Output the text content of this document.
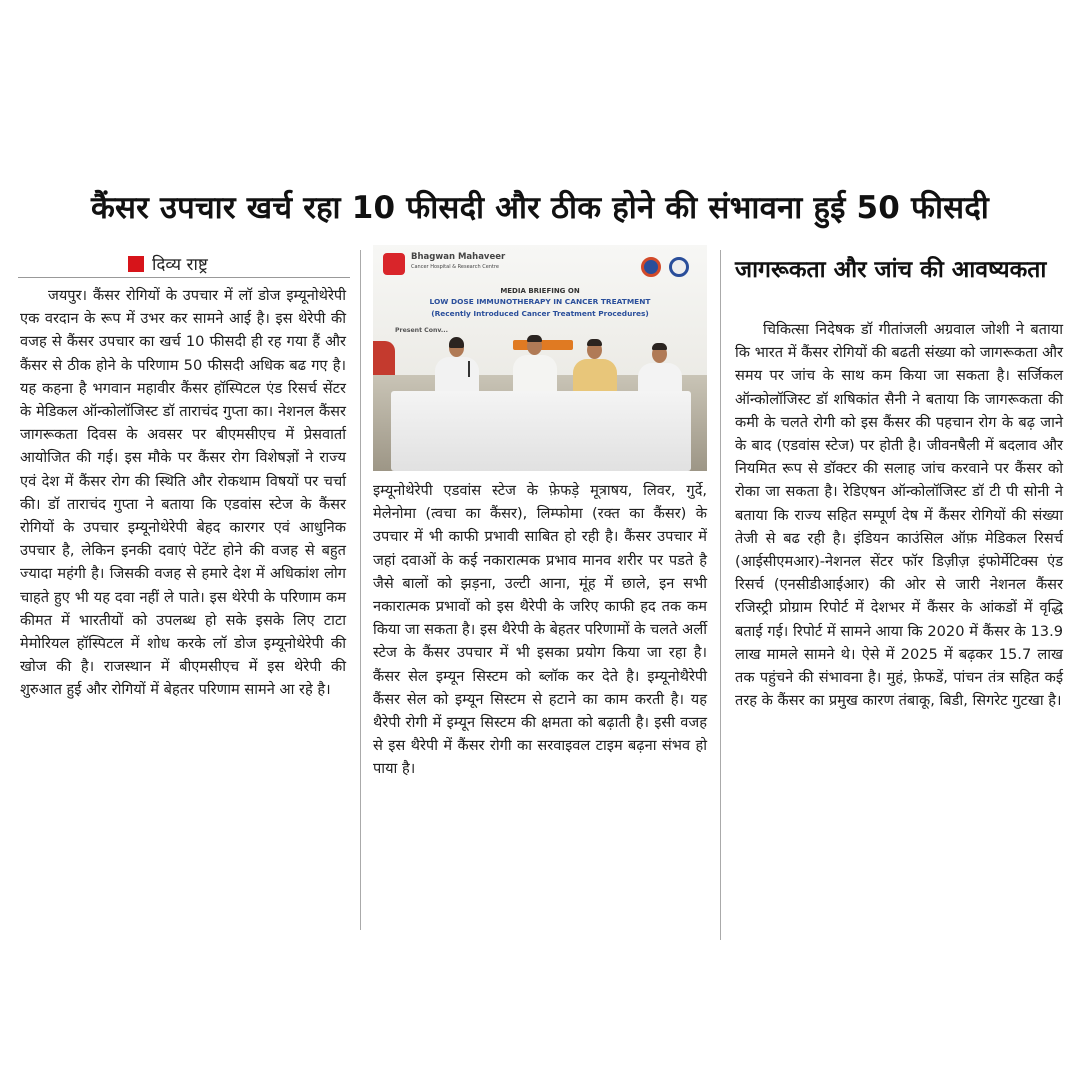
कैंसर उपचार खर्च रहा 10 फीसदी और ठीक होने की संभावना हुई 50 फीसदी
दिव्य राष्ट्र

जयपुर। कैंसर रोगियों के उपचार में लॉ डोज इम्यूनोथेरेपी एक वरदान के रूप में उभर कर सामने आई है। इस थेरेपी की वजह से कैंसर उपचार का खर्च 10 फीसदी ही रह गया हैं और कैंसर से ठीक होने के परिणाम 50 फीसदी अधिक बढ गए है। यह कहना है भगवान महावीर कैंसर हॉस्पिटल एंड रिसर्च सेंटर के मेडिकल ऑन्कोलॉजिस्ट डॉ ताराचंद गुप्ता का। नेशनल कैंसर जागरूकता दिवस के अवसर पर बीएमसीएच में प्रेसवार्ता आयोजित की गई। इस मौके पर कैंसर रोग विशेषज्ञों ने राज्य एवं देश में कैंसर रोग की स्थिति और रोकथाम विषयों पर चर्चा की। डॉ ताराचंद गुप्ता ने बताया कि एडवांस स्टेज के कैंसर रोगियों के उपचार इम्यूनोथेरेपी बेहद कारगर एवं आधुनिक उपचार है, लेकिन इनकी दवाएं पेटेंट होने की वजह से बहुत ज्यादा महंगी है। जिसकी वजह से हमारे देश में अधिकांश लोग चाहते हुए भी यह दवा नहीं ले पाते। इस थेरेपी के परिणाम कम कीमत में भारतीयों को उपलब्ध हो सके इसके लिए टाटा मेमोरियल हॉस्पिटल में शोध करके लॉ डोज इम्यूनोथेरेपी की खोज की है। राजस्थान में बीएमसीएच में इस थेरेपी की शुरुआत हुई और रोगियों में बेहतर परिणाम सामने आ रहे है।

Bhagwan Mahaveer
Cancer Hospital & Research Centre
MEDIA BRIEFING ON
LOW DOSE IMMUNOTHERAPY IN CANCER TREATMENT
(Recently Introduced Cancer Treatment Procedures)
Present Conv...

इम्यूनोथेरेपी एडवांस स्टेज के फ़ेफड़े मूत्राषय, लिवर, गुर्दे, मेलेनोमा (त्वचा का कैंसर), लिम्फोमा (रक्त का कैंसर) के उपचार में भी काफी प्रभावी साबित हो रही है। कैंसर उपचार में जहां दवाओं के कई नकारात्मक प्रभाव मानव शरीर पर पडते है जैसे बालों को झड़ना, उल्टी आना, मूंह में छाले, इन सभी नकारात्मक प्रभावों को इस थैरेपी के जरिए काफी हद तक कम किया जा सकता है। इस थैरेपी के बेहतर परिणामों के चलते अर्ली स्टेज के कैंसर उपचार में भी इसका प्रयोग किया जा रहा है। कैंसर सेल इम्यून सिस्टम को ब्लॉक कर देते है। इम्यूनोथैरेपी कैंसर सेल को इम्यून सिस्टम से हटाने का काम करती है। यह थैरेपी रोगी में इम्यून सिस्टम की क्षमता को बढ़ाती है। इसी वजह से इस थैरेपी में कैंसर रोगी का सरवाइवल टाइम बढ़ना संभव हो पाया है।

जागरूकता और जांच की आवष्यकता

चिकित्सा निदेषक डॉ गीतांजली अग्रवाल जोशी ने बताया कि भारत में कैंसर रोगियों की बढती संख्या को जागरूकता और समय पर जांच के साथ कम किया जा सकता है। सर्जिकल ऑन्कोलॉजिस्ट डॉ शषिकांत सैनी ने बताया कि जागरूकता की कमी के चलते रोगी को इस कैंसर की पहचान रोग के बढ़ जाने के बाद (एडवांस स्टेज) पर होती है। जीवनषैली में बदलाव और नियमित रूप से डॉक्टर की सलाह जांच करवाने पर कैंसर को रोका जा सकता है। रेडिएषन ऑन्कोलॉजिस्ट डॉ टी पी सोनी ने बताया कि राज्य सहित सम्पूर्ण देष में कैंसर रोगियों की संख्या तेजी से बढ रही है। इंडियन काउंसिल ऑफ़ मेडिकल रिसर्च (आईसीएमआर)-नेशनल सेंटर फॉर डिज़ीज़ इंफोर्मेटिक्स एंड रिसर्च (एनसीडीआईआर) की ओर से जारी नेशनल कैंसर रजिस्ट्री प्रोग्राम रिपोर्ट में देशभर में कैंसर के आंकडों में वृद्धि बताई गई। रिपोर्ट में सामने आया कि 2020 में कैंसर के 13.9 लाख मामले सामने थे। ऐसे में 2025 में बढ़कर 15.7 लाख तक पहुंचने की संभावना है। मुहं, फ़ेफडें, पांचन तंत्र सहित कई तरह के कैंसर का प्रमुख कारण तंबाकू, बिडी, सिगरेट गुटखा है।
